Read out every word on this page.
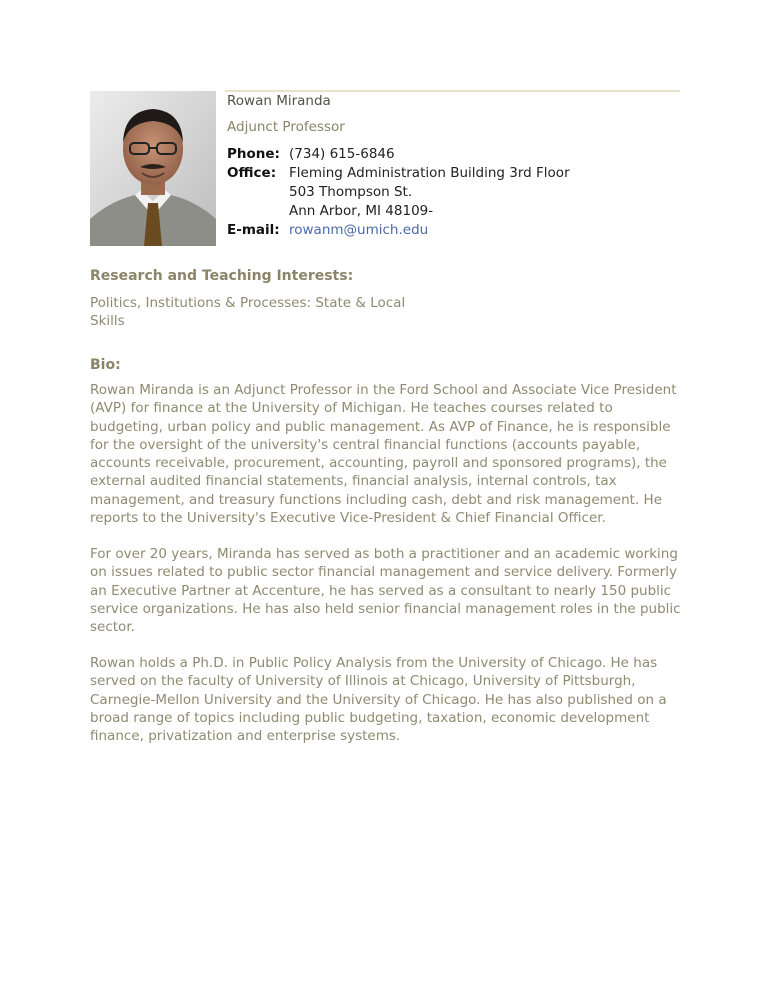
Rowan Miranda
Adjunct Professor
Phone: (734) 615-6846
Office: Fleming Administration Building 3rd Floor
503 Thompson St.
Ann Arbor, MI 48109-
E-mail: rowanm@umich.edu
Research and Teaching Interests:
Politics, Institutions & Processes: State & Local
Skills
Bio:
Rowan Miranda is an Adjunct Professor in the Ford School and Associate Vice President
(AVP) for finance at the University of Michigan. He teaches courses related to
budgeting, urban policy and public management. As AVP of Finance, he is responsible
for the oversight of the university's central financial functions (accounts payable,
accounts receivable, procurement, accounting, payroll and sponsored programs), the
external audited financial statements, financial analysis, internal controls, tax
management, and treasury functions including cash, debt and risk management. He
reports to the University's Executive Vice-President & Chief Financial Officer.
For over 20 years, Miranda has served as both a practitioner and an academic working
on issues related to public sector financial management and service delivery. Formerly
an Executive Partner at Accenture, he has served as a consultant to nearly 150 public
service organizations. He has also held senior financial management roles in the public
sector.
Rowan holds a Ph.D. in Public Policy Analysis from the University of Chicago. He has
served on the faculty of University of Illinois at Chicago, University of Pittsburgh,
Carnegie-Mellon University and the University of Chicago. He has also published on a
broad range of topics including public budgeting, taxation, economic development
finance, privatization and enterprise systems.
